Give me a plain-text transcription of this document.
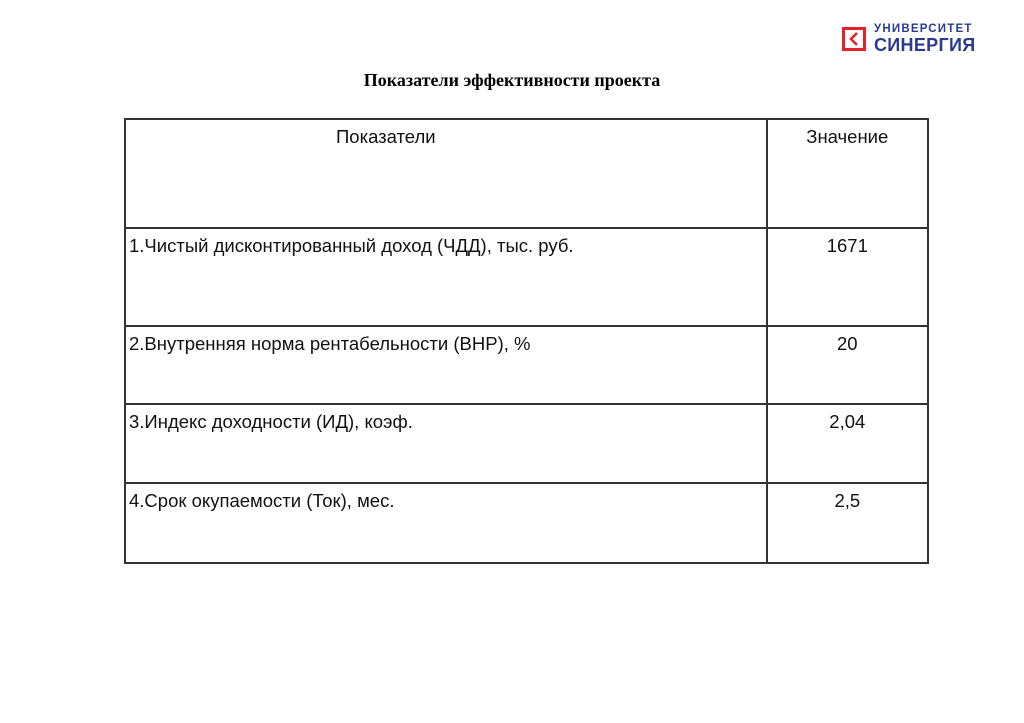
УНИВЕРСИТЕТ
СИНЕРГИЯ
Показатели эффективности проекта
Показатели	Значение
1.Чистый дисконтированный доход (ЧДД), тыс. руб.	1671
2.Внутренняя норма рентабельности (ВНР), %	20
3.Индекс доходности (ИД), коэф.	2,04
4.Срок окупаемости (Ток), мес.	2,5
